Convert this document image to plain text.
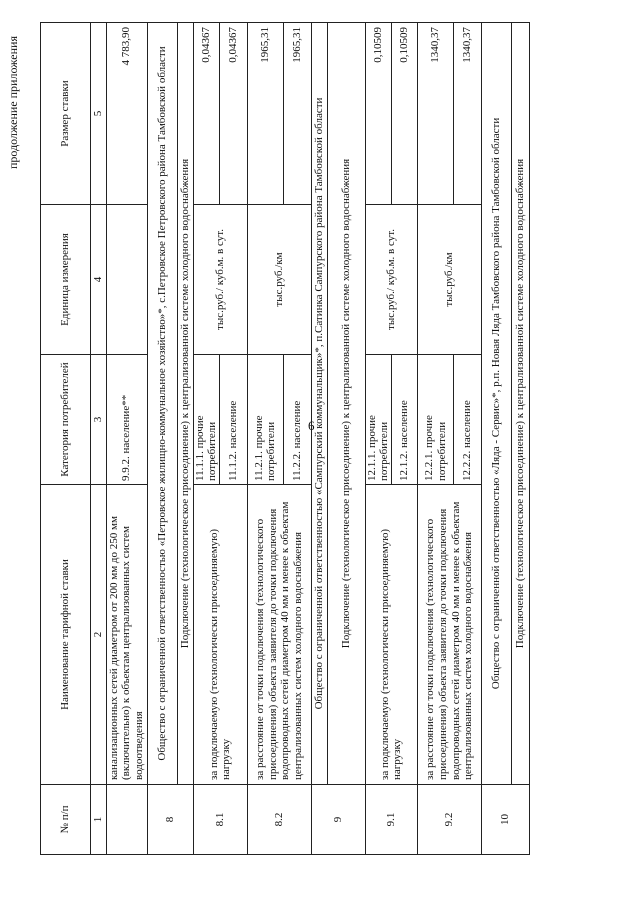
6
продолжение приложения
№ п/п	Наименование тарифной ставки	Категория потребителей	Единица измерения	Размер ставки
1	2	3	4	5
	канализационных сетей диаметром от 200 мм до 250 мм (включительно) к объектам централизованных систем водоотведения	9.9.2. население**		4 783,90
8	Общество с ограниченной ответственностью «Петровское жилищно-коммунальное хозяйство»*, с.Петровское Петровского района Тамбовской области			
	Подключение (технологическое присоединение) к централизованной системе холодного водоснабжения			
8.1	за подключаемую (технологически присоединяемую) нагрузку	11.1.1. прочие потребители	тыс.руб./ куб.м. в сут.	0,04367
		11.1.2. население		0,04367
8.2	за расстояние от точки подключения (технологического присоединения) объекта заявителя до точки подключения водопроводных сетей диаметром 40 мм и менее к объектам централизованных систем холодного водоснабжения	11.2.1. прочие потребители	тыс.руб./км	1965,31
		11.2.2. население		1965,31
9	Общество с ограниченной ответственностью «Сампурский коммунальщик»*, п.Сатинка Сампурского района Тамбовской области			
	Подключение (технологическое присоединение) к централизованной системе холодного водоснабжения			
9.1	за подключаемую (технологически присоединяемую) нагрузку	12.1.1. прочие потребители	тыс.руб./ куб.м. в сут.	0,10509
		12.1.2. население		0,10509
9.2	за расстояние от точки подключения (технологического присоединения) объекта заявителя до точки подключения водопроводных сетей диаметром 40 мм и менее к объектам централизованных систем холодного водоснабжения	12.2.1. прочие потребители	тыс.руб./км	1340,37
		12.2.2. население		1340,37
10	Общество с ограниченной ответственностью «Ляда - Сервис»*, р.п. Новая Ляда Тамбовского района Тамбовской области			
	Подключение (технологическое присоединение) к централизованной системе холодного водоснабжения			
